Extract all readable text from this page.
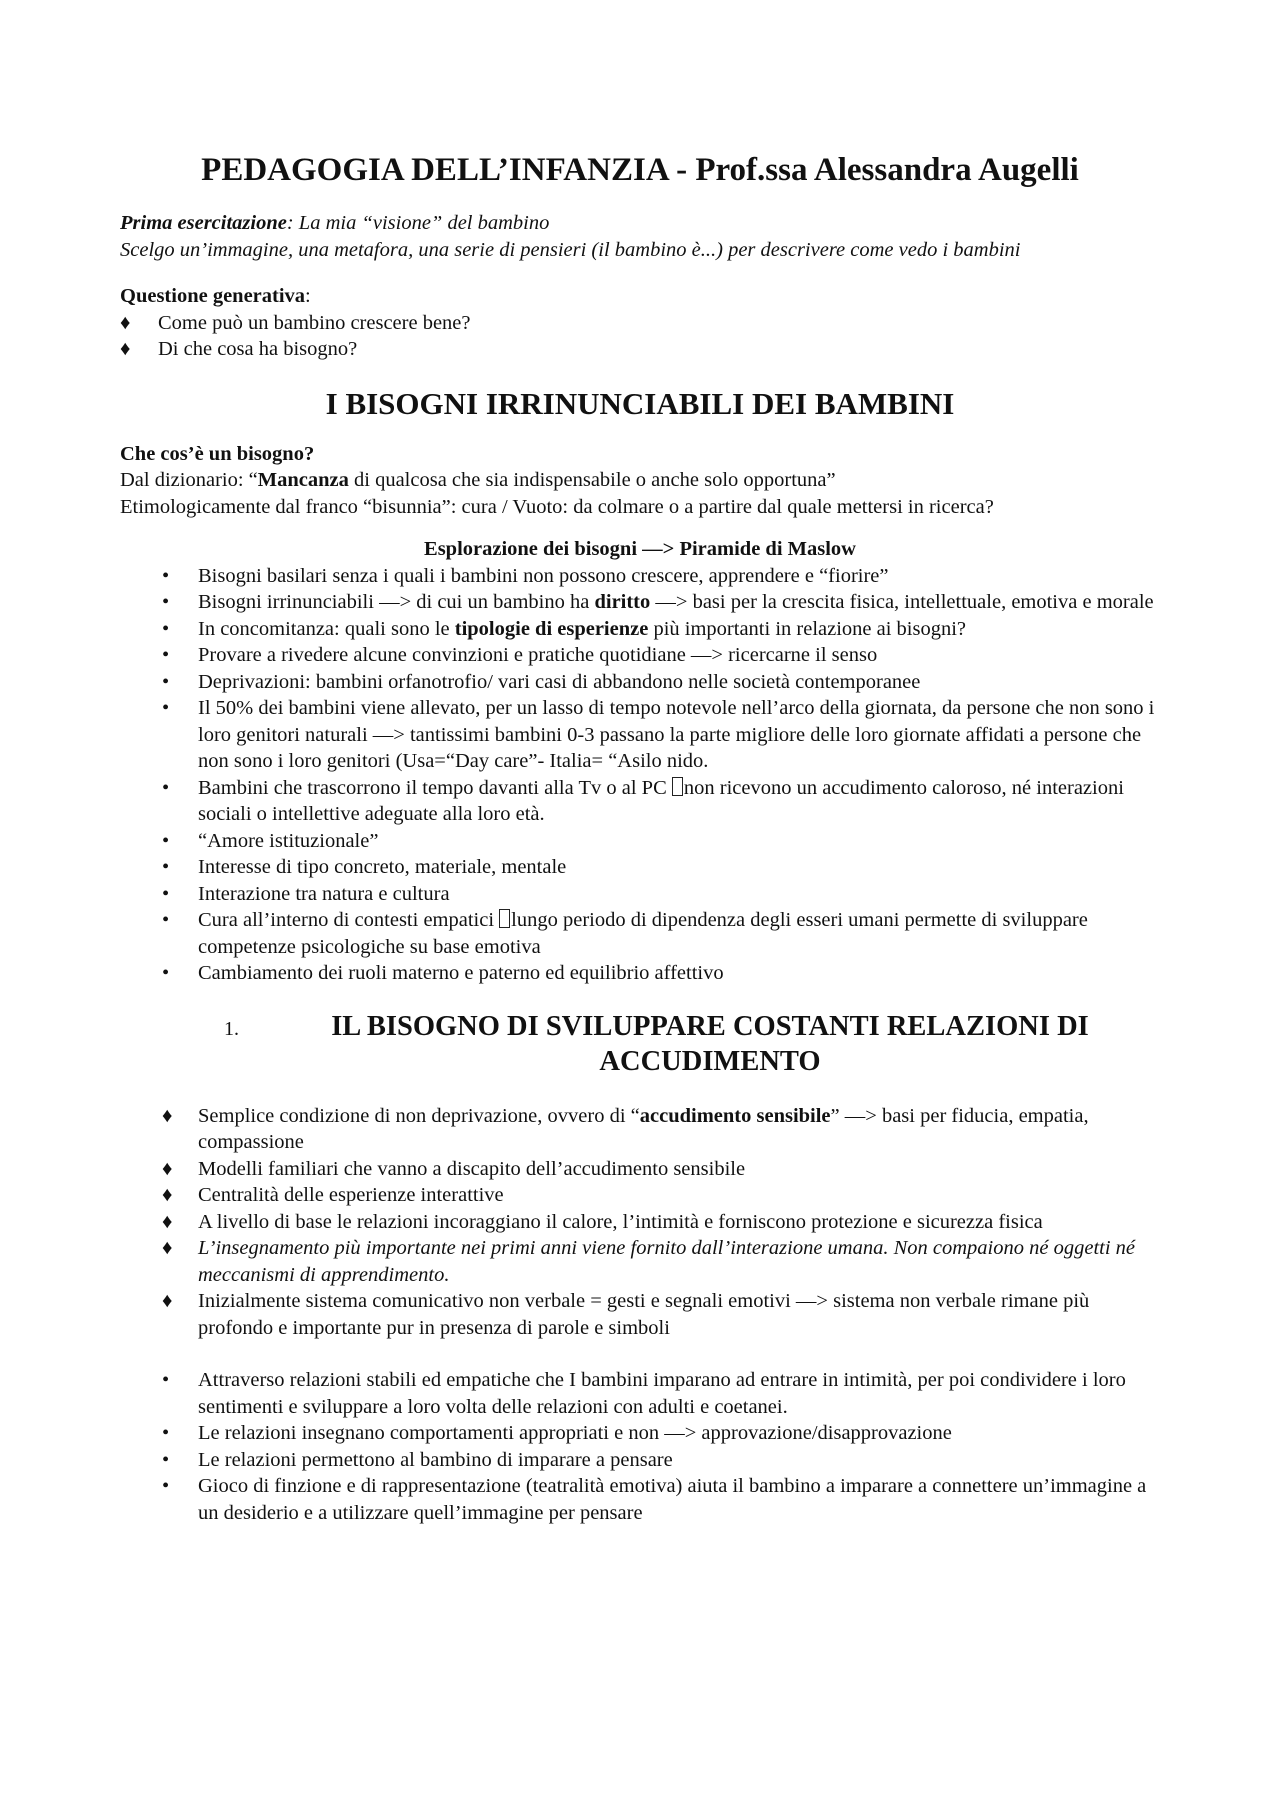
PEDAGOGIA DELL’INFANZIA - Prof.ssa Alessandra Augelli

Prima esercitazione: La mia “visione” del bambino

Scelgo un’immagine, una metafora, una serie di pensieri (il bambino è...) per descrivere come vedo i bambini

Questione generativa:
♦ Come può un bambino crescere bene?
♦ Di che cosa ha bisogno?
I BISOGNI IRRINUNCIABILI DEI BAMBINI

Che cos’è un bisogno?

Dal dizionario: “Mancanza di qualcosa che sia indispensabile o anche solo opportuna”

Etimologicamente dal franco “bisunnia”: cura / Vuoto: da colmare o a partire dal quale mettersi in ricerca?

Esplorazione dei bisogni —> Piramide di Maslow

• Bisogni basilari senza i quali i bambini non possono crescere, apprendere e “fiorire”
• Bisogni irrinunciabili —> di cui un bambino ha diritto —> basi per la crescita fisica, intellettuale, emotiva e morale
• In concomitanza: quali sono le tipologie di esperienze più importanti in relazione ai bisogni?
• Provare a rivedere alcune convinzioni e pratiche quotidiane —> ricercarne il senso
• Deprivazioni: bambini orfanotrofio/ vari casi di abbandono nelle società contemporanee
• Il 50% dei bambini viene allevato, per un lasso di tempo notevole nell’arco della giornata, da persone che non sono i loro genitori naturali —> tantissimi bambini 0-3 passano la parte migliore delle loro giornate affidati a persone che non sono i loro genitori (Usa=“Day care”- Italia= “Asilo nido.
• Bambini che trascorrono il tempo davanti alla Tv o al PC non ricevono un accudimento caloroso, né interazioni sociali o intellettive adeguate alla loro età.
• “Amore istituzionale”
• Interesse di tipo concreto, materiale, mentale
• Interazione tra natura e cultura
• Cura all’interno di contesti empatici lungo periodo di dipendenza degli esseri umani permette di sviluppare competenze psicologiche su base emotiva
• Cambiamento dei ruoli materno e paterno ed equilibrio affettivo
1.	IL BISOGNO DI SVILUPPARE COSTANTI RELAZIONI DI ACCUDIMENTO
♦ Semplice condizione di non deprivazione, ovvero di “accudimento sensibile” —> basi per fiducia, empatia, compassione
♦ Modelli familiari che vanno a discapito dell’accudimento sensibile
♦ Centralità delle esperienze interattive
♦ A livello di base le relazioni incoraggiano il calore, l’intimità e forniscono protezione e sicurezza fisica
♦ L’insegnamento più importante nei primi anni viene fornito dall’interazione umana. Non compaiono né oggetti né meccanismi di apprendimento.
♦ Inizialmente sistema comunicativo non verbale = gesti e segnali emotivi —> sistema non verbale rimane più profondo e importante pur in presenza di parole e simboli
• Attraverso relazioni stabili ed empatiche che I bambini imparano ad entrare in intimità, per poi condividere i loro sentimenti e sviluppare a loro volta delle relazioni con adulti e coetanei.
• Le relazioni insegnano comportamenti appropriati e non —> approvazione/disapprovazione
• Le relazioni permettono al bambino di imparare a pensare
• Gioco di finzione e di rappresentazione (teatralità emotiva) aiuta il bambino a imparare a connettere un’immagine a un desiderio e a utilizzare quell’immagine per pensare
